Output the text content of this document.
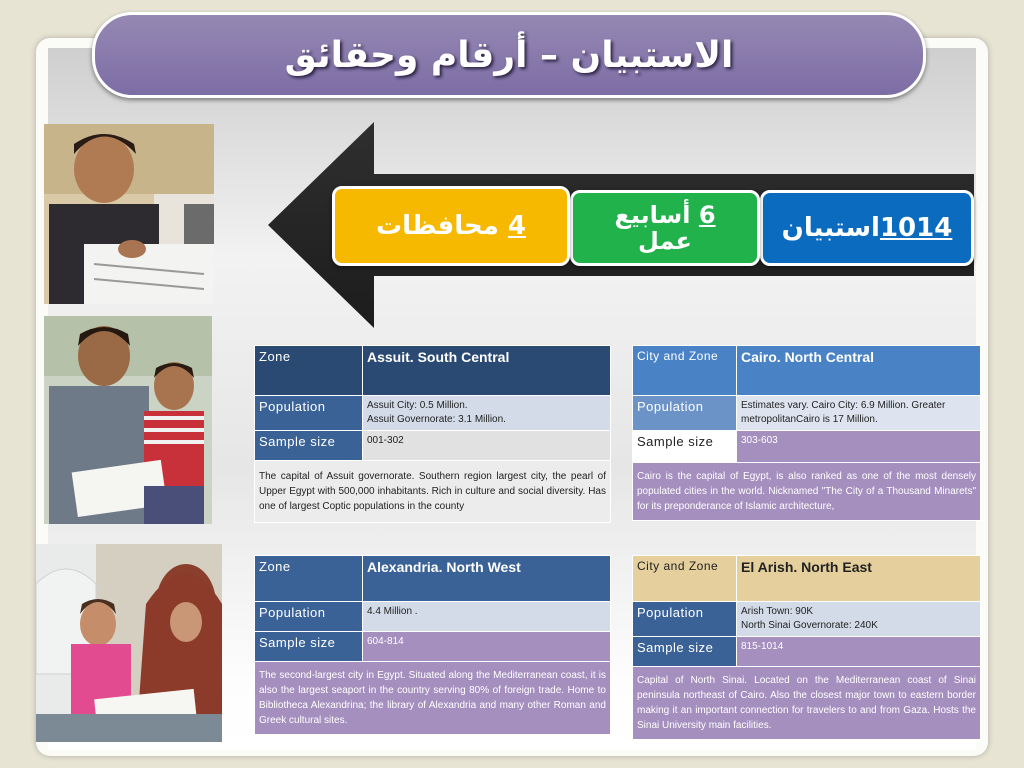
الاستبيان – أرقام وحقائق
1014
استبيان
6 أسابيع
عمل
4

محافظات
Zone	Assuit. South Central
Population	Assuit City: 0.5 Million.
Assuit Governorate: 3.1 Million.

Sample size	001-302
The capital of Assuit governorate. Southern region largest city, the pearl of Upper Egypt with 500,000 inhabitants. Rich in culture and social diversity. Has one of largest Coptic populations in the county	
City and Zone	Cairo. North Central
Population	Estimates vary. Cairo City: 6.9 Million. Greater
metropolitanCairo is 17 Million.

Sample size	303-603
Cairo is the capital of Egypt, is also ranked as one of the most densely populated cities in the world. Nicknamed "The City of a Thousand Minarets" for its preponderance of Islamic architecture,	
Zone	Alexandria. North West
Population	4.4 Million .
Sample size	604-814
The second-largest city in Egypt. Situated along the Mediterranean coast, it is also the largest seaport in the country serving 80% of foreign trade. Home to Bibliotheca Alexandrina; the library of Alexandria and many other Roman and Greek cultural sites.	
City and Zone	El Arish. North East
Population	Arish Town: 90K
North Sinai Governorate: 240K

Sample size	815-1014
Capital of North Sinai. Located on the Mediterranean coast of Sinai peninsula northeast of Cairo. Also the closest major town to eastern border making it an important connection for travelers to and from Gaza. Hosts the Sinai University main facilities.	
